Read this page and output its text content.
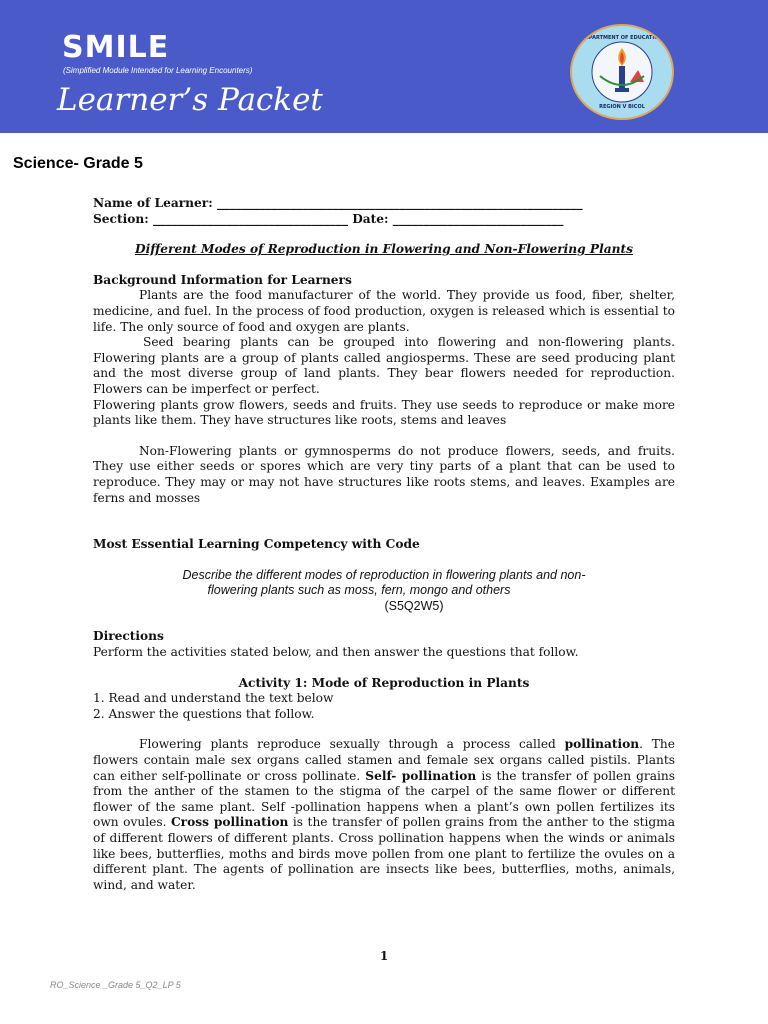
SMILE
(Simplified Module Intended for Learning Encounters)
Learner’s Packet
DEPARTMENT OF EDUCATION
REGION V BICOL
Science- Grade 5
Name of Learner: ____________________________________________________________
Section: ________________________________ Date: ____________________________
Different Modes of Reproduction in Flowering and Non-Flowering Plants
Background Information for Learners

Plants are the food manufacturer of the world. They provide us food, fiber, shelter, medicine, and fuel. In the process of food production, oxygen is released which is essential to life. The only source of food and oxygen are plants.

Seed bearing plants can be grouped into flowering and non-flowering plants. Flowering plants are a group of plants called angiosperms. These are seed producing plant and the most diverse group of land plants. They bear flowers needed for reproduction. Flowers can be imperfect or perfect.

Flowering plants grow flowers, seeds and fruits. They use seeds to reproduce or make more plants like them. They have structures like roots, stems and leaves

Non-Flowering plants or gymnosperms do not produce flowers, seeds, and fruits. They use either seeds or spores which are very tiny parts of a plant that can be used to reproduce. They may or may not have structures like roots stems, and leaves. Examples are ferns and mosses

Most Essential Learning Competency with Code
Describe the different modes of reproduction in flowering plants and non-
flowering plants such as moss, fern, mongo and others
(S5Q2W5)
Directions

Perform the activities stated below, and then answer the questions that follow.

Activity 1: Mode of Reproduction in Plants
1. Read and understand the text below
2. Answer the questions that follow.

Flowering plants reproduce sexually through a process called pollination. The flowers contain male sex organs called stamen and female sex organs called pistils. Plants can either self-pollinate or cross pollinate. Self- pollination is the transfer of pollen grains from the anther of the stamen to the stigma of the carpel of the same flower or different flower of the same plant. Self -pollination happens when a plant’s own pollen fertilizes its own ovules. Cross pollination is the transfer of pollen grains from the anther to the stigma of different flowers of different plants. Cross pollination happens when the winds or animals like bees, butterflies, moths and birds move pollen from one plant to fertilize the ovules on a different plant. The agents of pollination are insects like bees, butterflies, moths, animals, wind, and water.

1
RO_Science _Grade 5_Q2_LP 5
